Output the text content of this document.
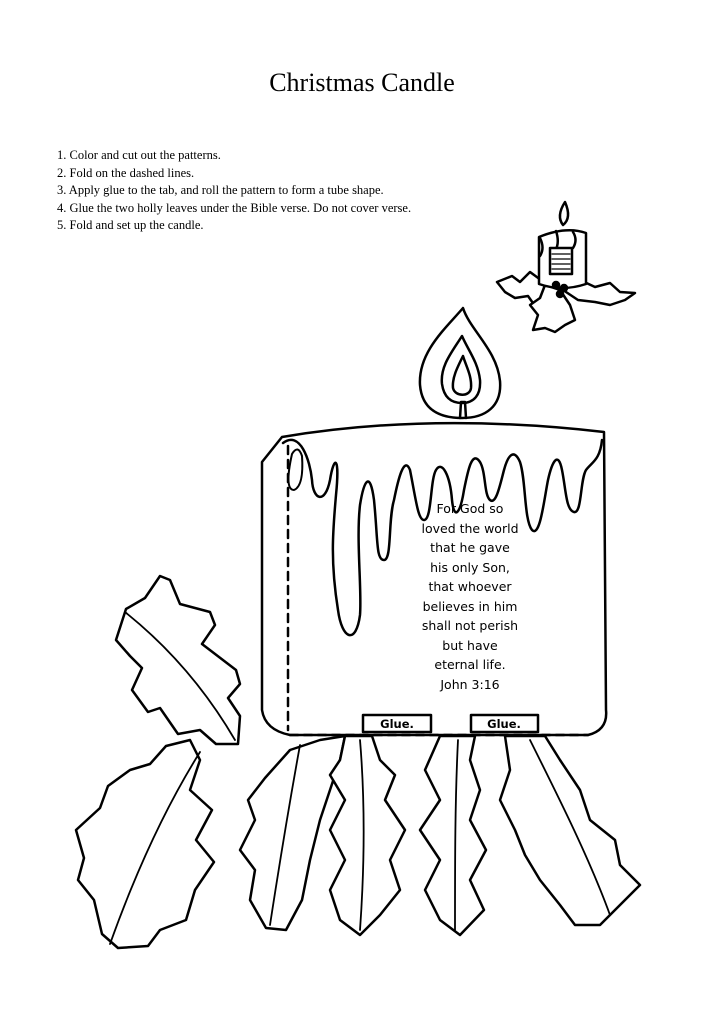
Christmas Candle
1. Color and cut out the patterns.
2. Fold on the dashed lines.
3. Apply glue to the tab, and roll the pattern to form a tube shape.
4. Glue the two holly leaves under the Bible verse. Do not cover verse.
5. Fold and set up the candle.
For God so
loved the world
that he gave
his only Son,
that whoever
believes in him
shall not perish
but have
eternal life.
John 3:16
Glue.	Glue.
